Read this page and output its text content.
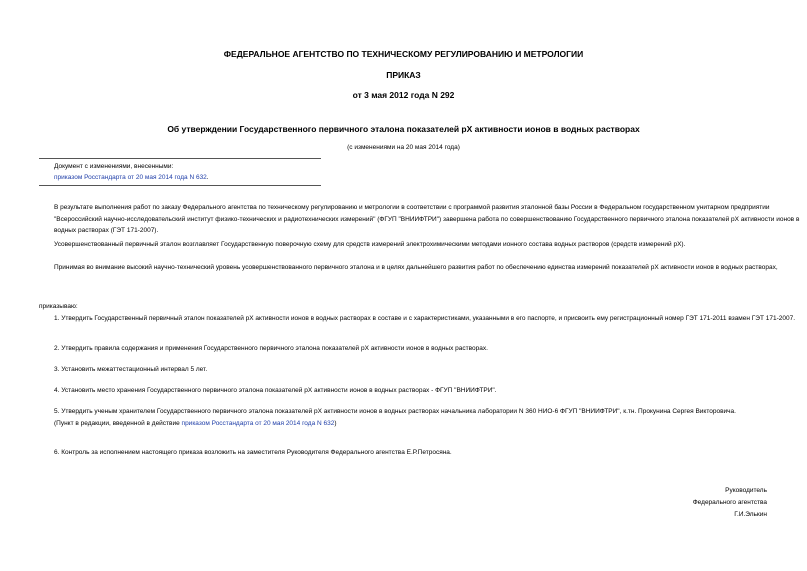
ФЕДЕРАЛЬНОЕ АГЕНТСТВО ПО ТЕХНИЧЕСКОМУ РЕГУЛИРОВАНИЮ И МЕТРОЛОГИИ
ПРИКАЗ
от 3 мая 2012 года N 292
Об утверждении Государственного первичного эталона показателей pX активности ионов в водных растворах
(с изменениями на 20 мая 2014 года)
Документ с изменениями, внесенными:
приказом Росстандарта от 20 мая 2014 года N 632.
В результате выполнения работ по заказу Федерального агентства по техническому регулированию и метрологии в соответствии с программой развития эталонной базы России в Федеральном государственном унитарном предприятии "Всероссийский научно-исследовательский институт физико-технических и радиотехнических измерений" (ФГУП "ВНИИФТРИ") завершена работа по совершенствованию Государственного первичного эталона показателей pX активности ионов в водных растворах (ГЭТ 171-2007).
Усовершенствованный первичный эталон возглавляет Государственную поверочную схему для средств измерений электрохимическими методами ионного состава водных растворов (средств измерений pX).
Принимая во внимание высокий научно-технический уровень усовершенствованного первичного эталона и в целях дальнейшего развития работ по обеспечению единства измерений показателей pX активности ионов в водных растворах,
приказываю:
1. Утвердить Государственный первичный эталон показателей pX активности ионов в водных растворах в составе и с характеристиками, указанными в его паспорте, и присвоить ему регистрационный номер ГЭТ 171-2011 взамен ГЭТ 171-2007.
2. Утвердить правила содержания и применения Государственного первичного эталона показателей pX активности ионов в водных растворах.
3. Установить межаттестационный интервал 5 лет.
4. Установить место хранения Государственного первичного эталона показателей pX активности ионов в водных растворах - ФГУП "ВНИИФТРИ".
5. Утвердить ученым хранителем Государственного первичного эталона показателей pX активности ионов в водных растворах начальника лаборатории N 360 НИО-6 ФГУП "ВНИИФТРИ", к.тн. Прокунина Сергея Викторовича.
(Пункт в редакции, введенной в действие приказом Росстандарта от 20 мая 2014 года N 632)
6. Контроль за исполнением настоящего приказа возложить на заместителя Руководителя Федерального агентства Е.Р.Петросяна.
Руководитель
Федерального агентства
Г.И.Элькин
